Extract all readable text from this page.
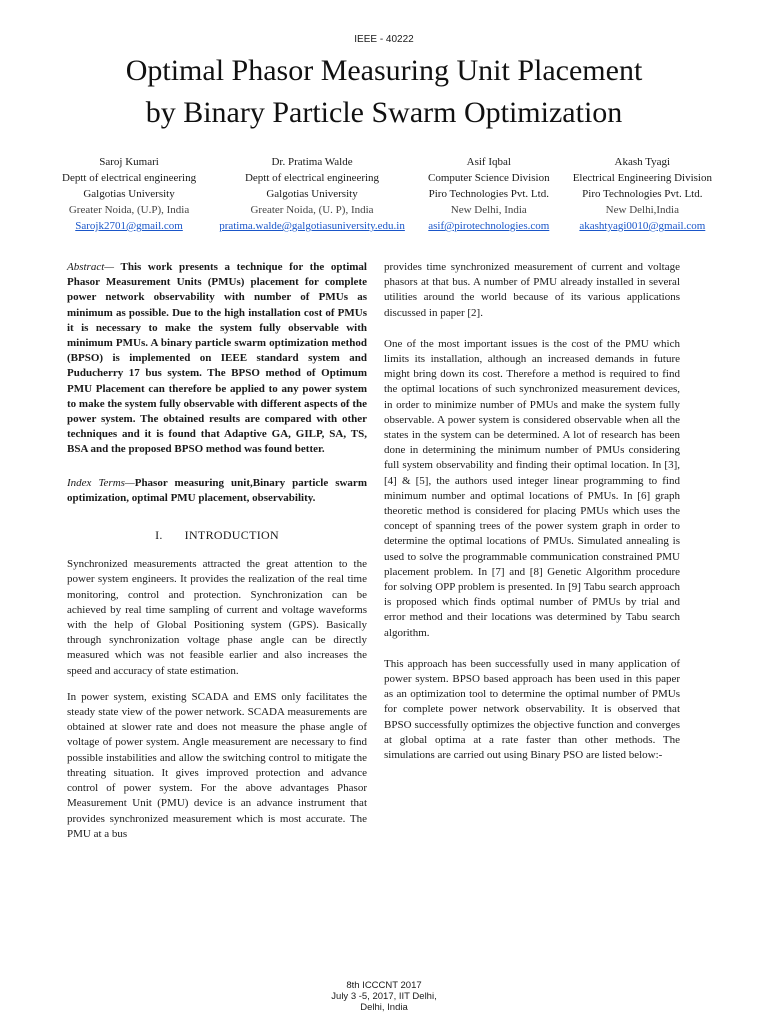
IEEE - 40222
Optimal Phasor Measuring Unit Placement
by Binary Particle Swarm Optimization
Saroj Kumari
Deptt of electrical engineering
Galgotias University
Greater Noida, (U.P), India
Sarojk2701@gmail.com
Dr. Pratima Walde
Deptt of electrical engineering
Galgotias University
Greater Noida, (U. P), India
pratima.walde@galgotiasuniversity.edu.in
Asif Iqbal
Computer Science Division
Piro Technologies Pvt. Ltd.
New Delhi, India
asif@pirotechnologies.com
Akash Tyagi
Electrical Engineering Division
Piro Technologies Pvt. Ltd.
New Delhi,India
akashtyagi0010@gmail.com

Abstract— This work presents a technique for the optimal Phasor Measurement Units (PMUs) placement for complete power network observability with number of PMUs as minimum as possible. Due to the high installation cost of PMUs it is necessary to make the system fully observable with minimum PMUs. A binary particle swarm optimization method (BPSO) is implemented on IEEE standard system and Puducherry 17 bus system. The BPSO method of Optimum PMU Placement can therefore be applied to any power system to make the system fully observable with different aspects of the power system. The obtained results are compared with other techniques and it is found that Adaptive GA, GILP, SA, TS, BSA and the proposed BPSO method was found better.

Index Terms—Phasor measuring unit,Binary particle swarm optimization, optimal PMU placement, observability.

I. INTRODUCTION

Synchronized measurements attracted the great attention to the power system engineers. It provides the realization of the real time monitoring, control and protection. Synchronization can be achieved by real time sampling of current and voltage waveforms with the help of Global Positioning system (GPS). Basically through synchronization voltage phase angle can be directly measured which was not feasible earlier and also increases the speed and accuracy of state estimation.

In power system, existing SCADA and EMS only facilitates the steady state view of the power network. SCADA measurements are obtained at slower rate and does not measure the phase angle of voltage of power system. Angle measurement are necessary to find possible instabilities and allow the switching control to mitigate the threating situation. It gives improved protection and advance control of power system. For the above advantages Phasor Measurement Unit (PMU) device is an advance instrument that provides synchronized measurement which is most accurate. The PMU at a bus

provides time synchronized measurement of current and voltage phasors at that bus. A number of PMU already installed in several utilities around the world because of its various applications discussed in paper [2].

One of the most important issues is the cost of the PMU which limits its installation, although an increased demands in future might bring down its cost. Therefore a method is required to find the optimal locations of such synchronized measurement devices, in order to minimize number of PMUs and make the system fully observable. A power system is considered observable when all the states in the system can be determined. A lot of research has been done in determining the minimum number of PMUs considering full system observability and finding their optimal location. In [3], [4] & [5], the authors used integer linear programming to find minimum number and optimal locations of PMUs. In [6] graph theoretic method is considered for placing PMUs which uses the concept of spanning trees of the power system graph in order to determine the optimal locations of PMUs. Simulated annealing is used to solve the programmable communication constrained PMU placement problem. In [7] and [8] Genetic Algorithm procedure for solving OPP problem is presented. In [9] Tabu search approach is proposed which finds optimal number of PMUs by trial and error method and their locations was determined by Tabu search algorithm.

This approach has been successfully used in many application of power system. BPSO based approach has been used in this paper as an optimization tool to determine the optimal number of PMUs for complete power network observability. It is observed that BPSO successfully optimizes the objective function and converges at global optima at a rate faster than other methods. The simulations are carried out using Binary PSO are listed below:-

8th ICCCNT 2017
July 3 -5, 2017, IIT Delhi,
Delhi, India
